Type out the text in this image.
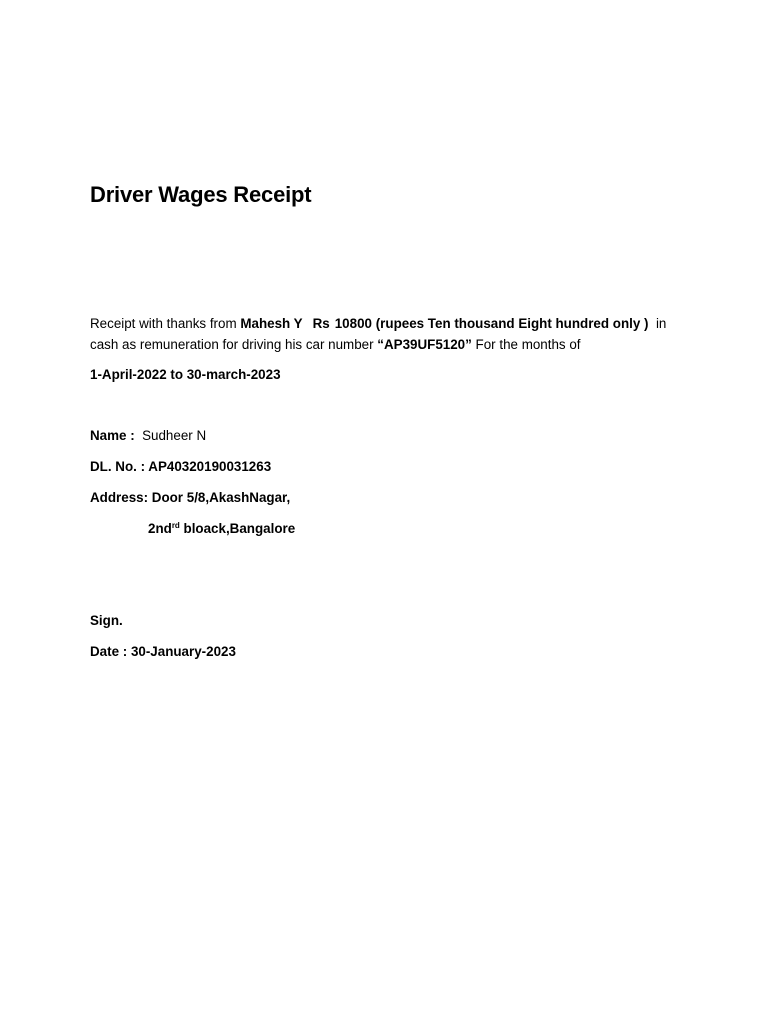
Driver Wages Receipt
Receipt with thanks from Mahesh Y Rs 10800 (rupees Ten thousand Eight hundred only ) in cash as remuneration for driving his car number “AP39UF5120” For the months of
1-April-2022 to 30-march-2023
Name : Sudheer N
DL. No. : AP40320190031263
Address: Door 5/8,AkashNagar,
$2nd^{rd}$ bloack,Bangalore
Sign.
Date : 30-January-2023
